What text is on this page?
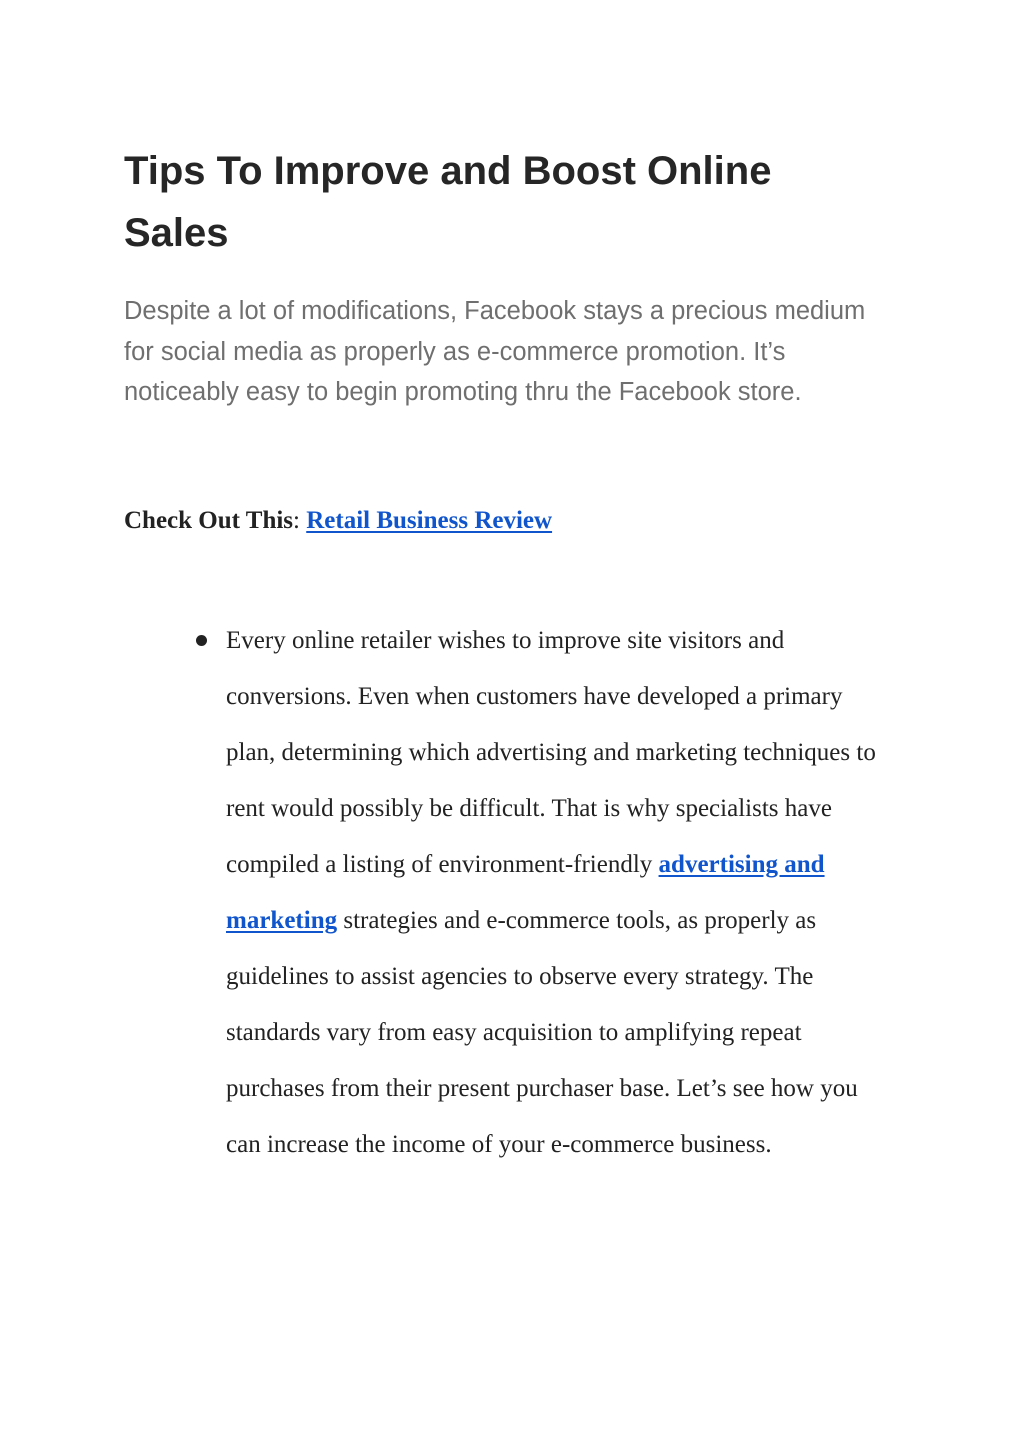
Tips To Improve and Boost Online Sales

Despite a lot of modifications, Facebook stays a precious medium for social media as properly as e-commerce promotion. It’s noticeably easy to begin promoting thru the Facebook store.

Check Out This: Retail Business Review

Every online retailer wishes to improve site visitors and conversions. Even when customers have developed a primary plan, determining which advertising and marketing techniques to rent would possibly be difficult. That is why specialists have compiled a listing of environment-friendly advertising and marketing strategies and e-commerce tools, as properly as guidelines to assist agencies to observe every strategy. The standards vary from easy acquisition to amplifying repeat purchases from their present purchaser base. Let’s see how you can increase the income of your e-commerce business.
